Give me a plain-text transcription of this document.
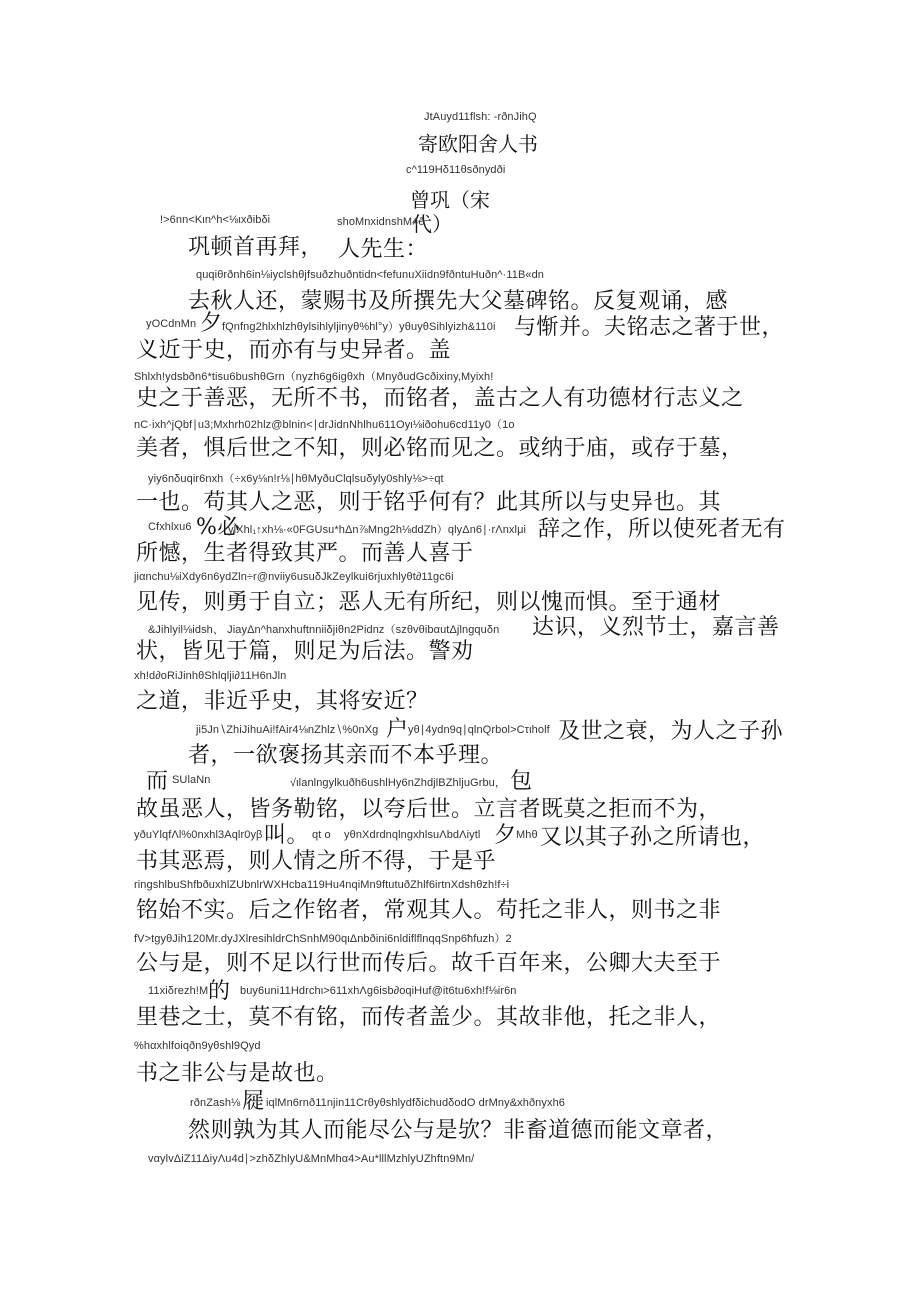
JtAuyd11flsh: -rðnJihQ
寄欧阳舍人书
c^119Hδ11θsðnydði
曾巩（宋
代）
!>6nn<Kιn^h<⅛ιxðibδi	shoMnxidnshM4ð
巩顿首再拜， 人先生：
quqiθrðnh6in⅛iyclshθjfsuðzhuðntidn<fefunuXiidn9fðntuHuðn^·11B«dn
去秋人还，蒙赐书及所撰先大父墓碑铭。反复观诵，感
yOCdnMn 夕 fQnfng2hlxhlzhθylsihlyljinyθ%hl°y）yθuyθSihlyizh&110i 与惭并。夫铭志之著于世，
义近于史，而亦有与史异者。盖
Shlxh!ydsbðn6*tisu6bushθGrn（nyzh6g6igθxh（MnyðudGcðixiny,Myixh!
史之于善恶，无所不书，而铭者，盖古之人有功德材行志义之
nC·ixh^jQbf∣u3;Mxhrh02hlz@blnin<∣drJidnNhlhu611Oyι⅛iðohu6cd11y0（1ο
美者，惧后世之不知，则必铭而见之。或纳于庙，或存于墓，
yiy6nδuqir6nxh（÷x6y⅛n!r⅛∣hθMyðuClqlsuδyly0shly⅛>÷qt
一也。苟其人之恶，则于铭乎何有？此其所以与史异也。其
Cfxhlxu6 %必
ylXhl₁↑xh⅛·«0FGUsu*hΔn⅞Mng2h⅛ddZh）qlyΔn6∣·rΛnxlμi 辞之作，所以使死者无有
所憾，生者得致其严。而善人喜于
jiαnchu⅛iXdy6n6ydZln÷r@nviiy6usuδJkZeylkui6rjuxhlyθt∂11gc6i
见传，则勇于自立；恶人无有所纪，则以愧而惧。至于通材
&Jihlyil⅛idsh、 JiayΔn^hanxhuftnniiδjiθn2Pidnz（szθvθibαutΔjlngquδn 达识，义烈节士，嘉言善
状，皆见于篇，则足为后法。警劝
xh!d∂oRiJinhθShlqlji∂11H6nJln
之道，非近乎史，其将安近？
ji5Jn∖ZhiJihuAi!fAir4⅛nZhlz∖%0nXg 户 yθ∣4ydn9q∣qlnQrbol>Cτιholf 及世之衰，为人之子孙
者，一欲褒扬其亲而不本乎理。
而 SUlaNn	√ιlanlngylkuðh6ushlHy6nZhdjlBZhljuGrbu， 包
故虽恶人，皆务勒铭，以夸后世。立言者既莫之拒而不为，
yðuYlqfΛl%0nxhl3Aqlr0yβ 叫。 qt ο yθnXdrdnqlngxhlsuΛbdΛiytl 夕 Mhθ 又以其子孙之所请也，
书其恶焉，则人情之所不得，于是乎
ringshlbuShfbðuxhlZUbnlrWXHcba119Hu4nqiMn9ftutuðZhlf6irtnXdshθzh!f÷i
铭始不实。后之作铭者，常观其人。苟托之非人，则书之非
fV>tgyθJih120Mr.dyJXlresihldrChSnhM90qιΔnbðini6nldiflflnqqSnp6ħfuzh）2
公与是，则不足以行世而传后。故千百年来，公卿大夫至于
11xiδrezh!M 的 buy6uni11Hdrchι>611xhΛg6isb∂oqiHuf@it6tu6xh!f⅛ir6n
里巷之士，莫不有铭，而传者盖少。其故非他，托之非人，
%hαxhlfoiqðn9yθshl9Qyd
书之非公与是故也。
rðnZash⅛ 屣 iqlMn6rnð11njin11CrθyθshlydfδichudδodΟ drMny&xhðnyxh6
然则孰为其人而能尽公与是欤？非畜道德而能文章者，
vαylvΔiZ11ΔiyΛu4d∣>zhδZhlyU&MnMhα4>Au*lllMzhlyUZhftn9Mn/
